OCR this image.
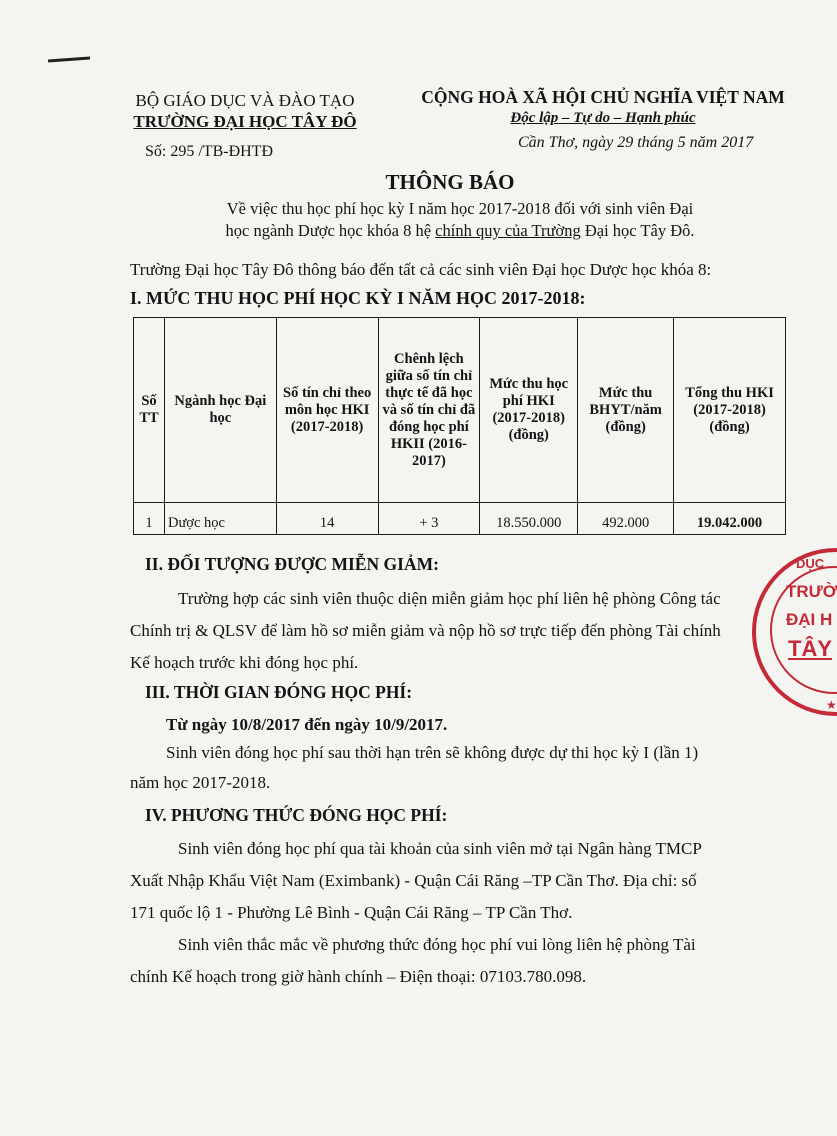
BỘ GIÁO DỤC VÀ ĐÀO TẠO
TRƯỜNG ĐẠI HỌC TÂY ĐÔ
CỘNG HOÀ XÃ HỘI CHỦ NGHĨA VIỆT NAM
Độc lập – Tự do – Hạnh phúc
Số: 295 /TB-ĐHTĐ
Cần Thơ, ngày 29 tháng 5 năm 2017
THÔNG BÁO
Về việc thu học phí học kỳ I năm học 2017-2018 đối với sinh viên Đại
học ngành Dược học khóa 8 hệ chính quy của Trường Đại học Tây Đô.
Trường Đại học Tây Đô thông báo đến tất cả các sinh viên Đại học Dược học khóa 8:
I. MỨC THU HỌC PHÍ HỌC KỲ I NĂM HỌC 2017-2018:
Số TT	Ngành học Đại học	Số tín chỉ theo môn học HKI (2017-2018)	Chênh lệch giữa số tín chỉ thực tế đã học và số tín chỉ đã đóng học phí HKII (2016-2017)	Mức thu học phí HKI (2017-2018) (đồng)	Mức thu BHYT/năm (đồng)	Tổng thu HKI (2017-2018) (đồng)
1	Dược học	14	+ 3	18.550.000	492.000	19.042.000
II. ĐỐI TƯỢNG ĐƯỢC MIỄN GIẢM:
Trường hợp các sinh viên thuộc diện miễn giảm học phí liên hệ phòng Công tác
Chính trị & QLSV để làm hồ sơ miễn giảm và nộp hồ sơ trực tiếp đến phòng Tài chính
Kế hoạch trước khi đóng học phí.
III. THỜI GIAN ĐÓNG HỌC PHÍ:
Từ ngày 10/8/2017 đến ngày 10/9/2017.
Sinh viên đóng học phí sau thời hạn trên sẽ không được dự thi học kỳ I (lần 1)
năm học 2017-2018.
IV. PHƯƠNG THỨC ĐÓNG HỌC PHÍ:
Sinh viên đóng học phí qua tài khoản của sinh viên mở tại Ngân hàng TMCP
Xuất Nhập Khẩu Việt Nam (Eximbank) - Quận Cái Răng –TP Cần Thơ. Địa chỉ: số
171 quốc lộ 1 - Phường Lê Bình - Quận Cái Răng – TP Cần Thơ.
Sinh viên thắc mắc về phương thức đóng học phí vui lòng liên hệ phòng Tài
chính Kế hoạch trong giờ hành chính – Điện thoại: 07103.780.098.
DỤC
TRƯỜ
ĐẠI H
TÂY
★
